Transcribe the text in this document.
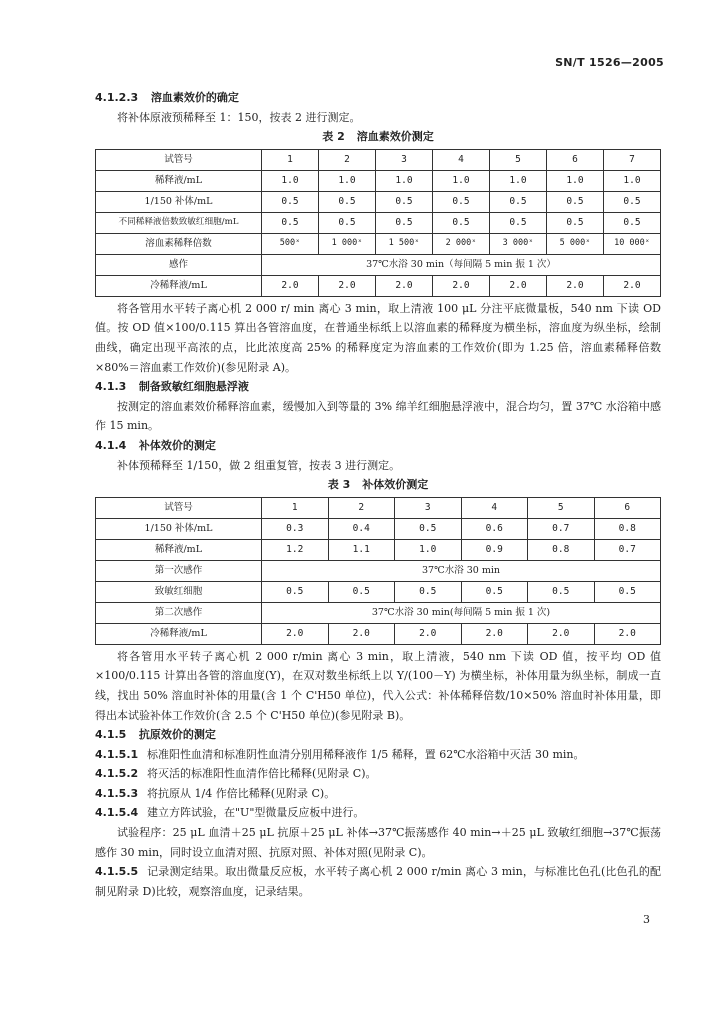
SN/T 1526—2005
4.1.2.3 溶血素效价的确定
将补体原液预稀释至 1：150，按表 2 进行测定。
表 2 溶血素效价测定
试管号	1	2	3	4	5	6	7
稀释液/mL	1.0	1.0	1.0	1.0	1.0	1.0	1.0
1/150 补体/mL	0.5	0.5	0.5	0.5	0.5	0.5	0.5
不同稀释液倍数致敏红细胞/mL	0.5	0.5	0.5	0.5	0.5	0.5	0.5
溶血素稀释倍数	500ˣ	1 000ˣ	1 500ˣ	2 000ˣ	3 000ˣ	5 000ˣ	10 000ˣ
感作	37℃水浴 30 min（每间隔 5 min 振 1 次）						
冷稀释液/mL	2.0	2.0	2.0	2.0	2.0	2.0	2.0
将各管用水平转子离心机 2 000 r/ min 离心 3 min，取上清液 100 μL 分注平底微量板，540 nm 下读 OD 值。按 OD 值×100/0.115 算出各管溶血度，在普通坐标纸上以溶血素的稀释度为横坐标，溶血度为纵坐标，绘制曲线，确定出现平高浓的点，比此浓度高 25% 的稀释度定为溶血素的工作效价(即为 1.25 倍，溶血素稀释倍数×80%＝溶血素工作效价)(参见附录 A)。
4.1.3 制备致敏红细胞悬浮液
按测定的溶血素效价稀释溶血素，缓慢加入到等量的 3% 绵羊红细胞悬浮液中，混合均匀，置 37℃ 水浴箱中感作 15 min。
4.1.4 补体效价的测定
补体预稀释至 1/150，做 2 组重复管，按表 3 进行测定。
表 3 补体效价测定
试管号	1	2	3	4	5	6
1/150 补体/mL	0.3	0.4	0.5	0.6	0.7	0.8
稀释液/mL	1.2	1.1	1.0	0.9	0.8	0.7
第一次感作	37℃水浴 30 min					
致敏红细胞	0.5	0.5	0.5	0.5	0.5	0.5
第二次感作	37℃水浴 30 min(每间隔 5 min 振 1 次)					
冷稀释液/mL	2.0	2.0	2.0	2.0	2.0	2.0
将各管用水平转子离心机 2 000 r/min 离心 3 min，取上清液，540 nm 下读 OD 值，按平均 OD 值×100/0.115 计算出各管的溶血度(Y)，在双对数坐标纸上以 Y/(100－Y) 为横坐标，补体用量为纵坐标，制成一直线，找出 50% 溶血时补体的用量(含 1 个 C'H50 单位)，代入公式：补体稀释倍数/10×50% 溶血时补体用量，即得出本试验补体工作效价(含 2.5 个 C'H50 单位)(参见附录 B)。
4.1.5 抗原效价的测定
4.1.5.1 标准阳性血清和标准阴性血清分别用稀释液作 1/5 稀释，置 62℃水浴箱中灭活 30 min。
4.1.5.2 将灭活的标准阳性血清作倍比稀释(见附录 C)。
4.1.5.3 将抗原从 1/4 作倍比稀释(见附录 C)。
4.1.5.4 建立方阵试验，在"U"型微量反应板中进行。
试验程序：25 μL 血清＋25 μL 抗原＋25 μL 补体→37℃振荡感作 40 min→＋25 μL 致敏红细胞→37℃振荡感作 30 min，同时设立血清对照、抗原对照、补体对照(见附录 C)。
4.1.5.5 记录测定结果。取出微量反应板，水平转子离心机 2 000 r/min 离心 3 min，与标准比色孔(比色孔的配制见附录 D)比较，观察溶血度，记录结果。
3
